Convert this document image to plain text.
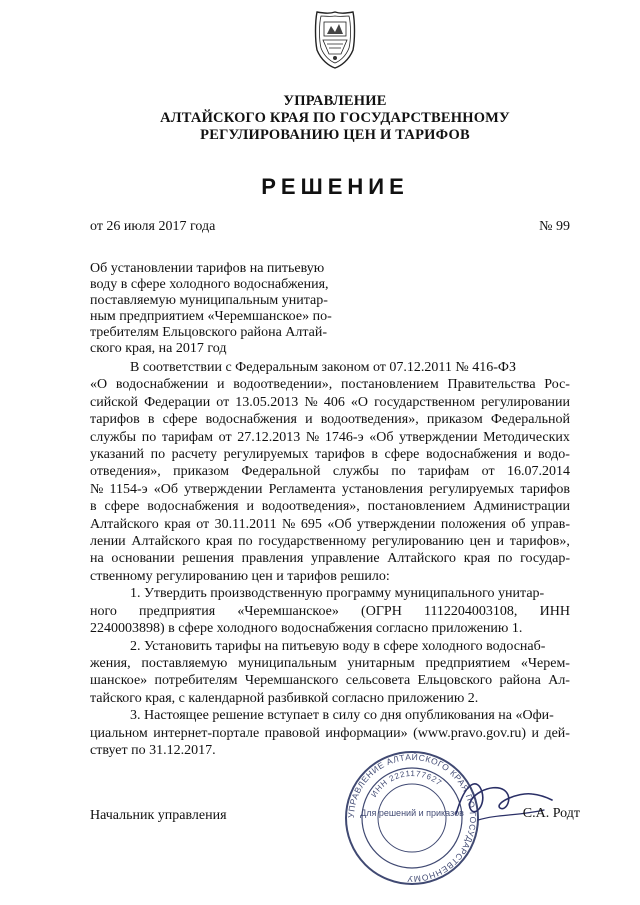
УПРАВЛЕНИЕ
АЛТАЙСКОГО КРАЯ ПО ГОСУДАРСТВЕННОМУ
РЕГУЛИРОВАНИЮ ЦЕН И ТАРИФОВ
РЕШЕНИЕ
от 26 июля 2017 года	№ 99
Об установлении тарифов на питьевую
воду в сфере холодного водоснабжения,
поставляемую муниципальным унитар-
ным предприятием «Черемшанское» по-
требителям Ельцовского района Алтай-
ского края, на 2017 год
В соответствии с Федеральным законом от 07.12.2011 № 416-ФЗ
«О водоснабжении и водоотведении», постановлением Правительства Рос-
сийской Федерации от 13.05.2013 № 406 «О государственном регулировании
тарифов в сфере водоснабжения и водоотведения», приказом Федеральной
службы по тарифам от 27.12.2013 № 1746-э «Об утверждении Методических
указаний по расчету регулируемых тарифов в сфере водоснабжения и водо-
отведения», приказом Федеральной службы по тарифам от 16.07.2014
№ 1154-э «Об утверждении Регламента установления регулируемых тарифов
в сфере водоснабжения и водоотведения», постановлением Администрации
Алтайского края от 30.11.2011 № 695 «Об утверждении положения об управ-
лении Алтайского края по государственному регулированию цен и тарифов»,
на основании решения правления управление Алтайского края по государ-
ственному регулированию цен и тарифов решило:
1. Утвердить производственную программу муниципального унитар-
ного предприятия «Черемшанское» (ОГРН 1112204003108, ИНН
2240003898) в сфере холодного водоснабжения согласно приложению 1.
2. Установить тарифы на питьевую воду в сфере холодного водоснаб-
жения, поставляемую муниципальным унитарным предприятием «Черем-
шанское» потребителям Черемшанского сельсовета Ельцовского района Ал-
тайского края, с календарной разбивкой согласно приложению 2.
3. Настоящее решение вступает в силу со дня опубликования на «Офи-
циальном интернет-портале правовой информации» (www.pravo.gov.ru) и дей-
ствует по 31.12.2017.
Начальник управления	УПРАВЛЕНИЕ АЛТАЙСКОГО КРАЯ ПО ГОСУДАРСТВЕННОМУ
ИНН 2221177627
Для решений и приказов	С.А. Родт
